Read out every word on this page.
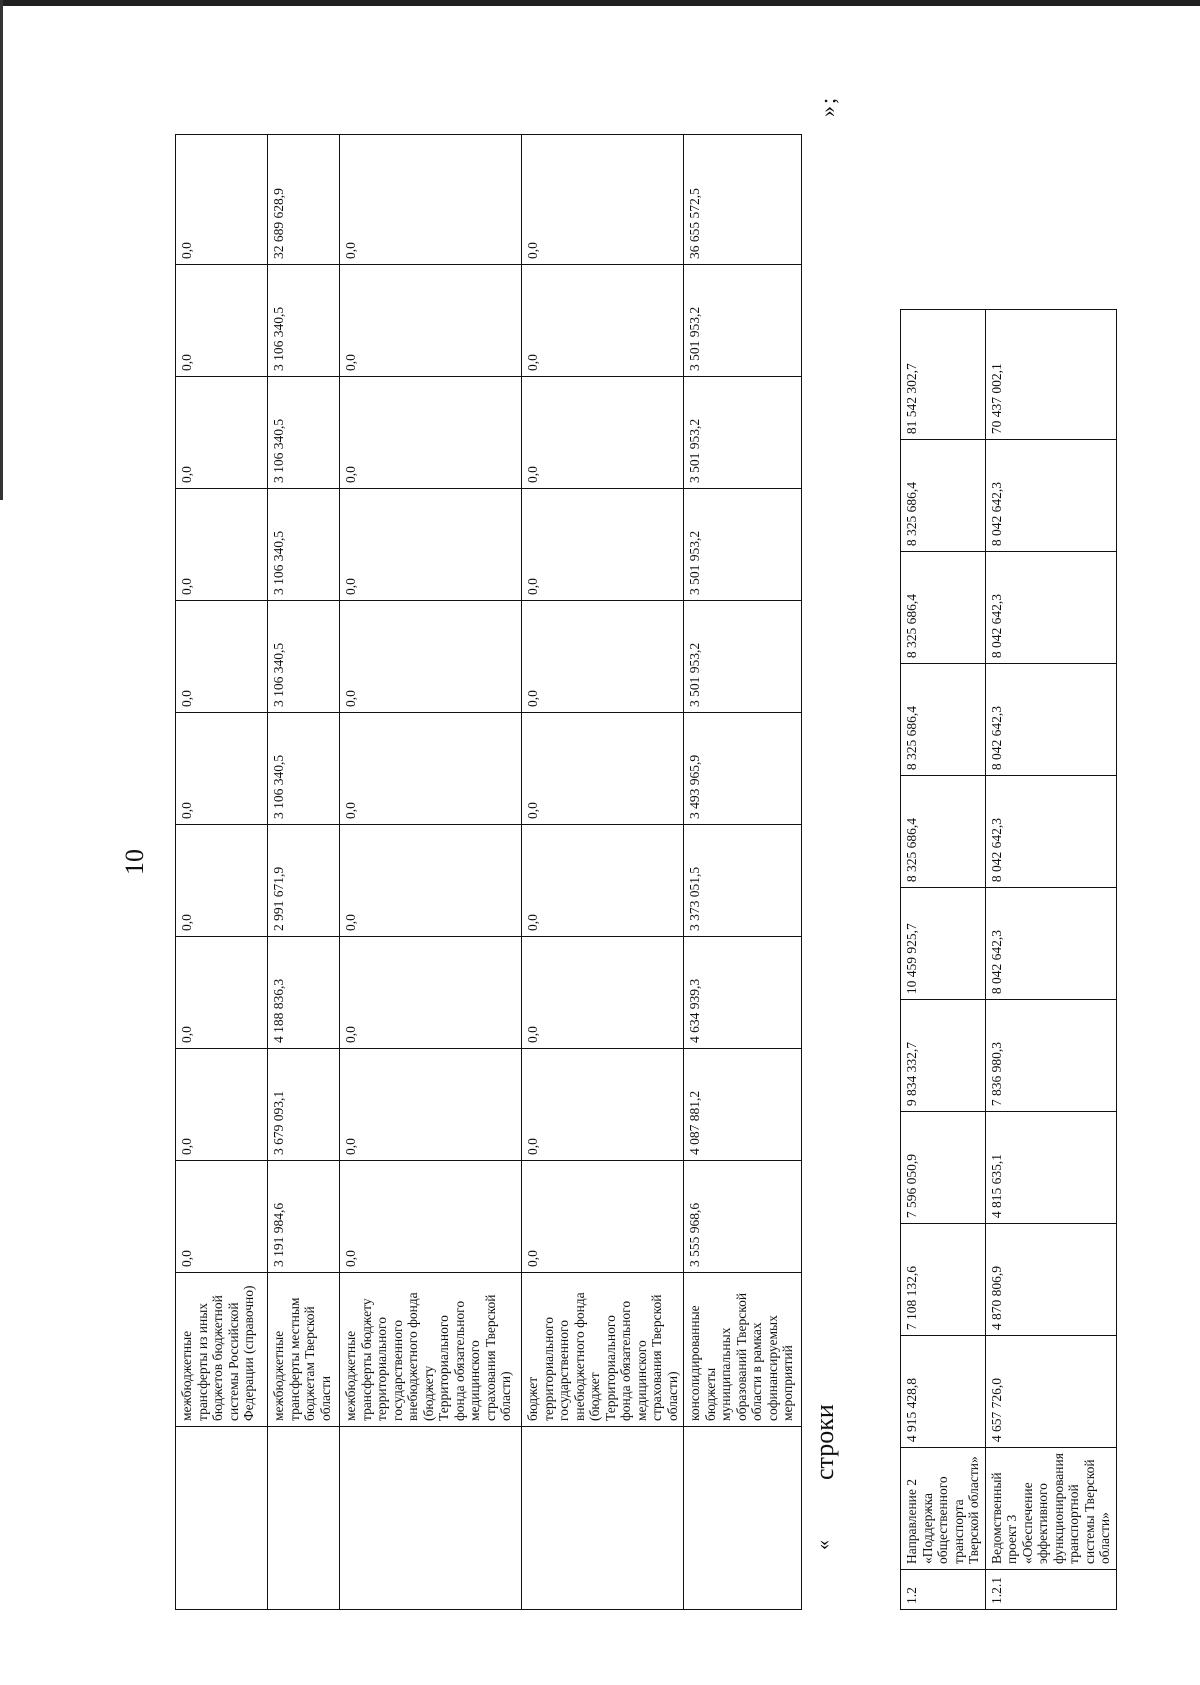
10
	межбюджетные трансферты из иных бюджетов бюджетной системы Российской Федерации (справочно)	0,0	0,0	0,0	0,0	0,0	0,0	0,0	0,0	0,0	0,0
	межбюджетные трансферты местным бюджетам Тверской области	3 191 984,6	3 679 093,1	4 188 836,3	2 991 671,9	3 106 340,5	3 106 340,5	3 106 340,5	3 106 340,5	3 106 340,5	32 689 628,9
	межбюджетные трансферты бюджету территориального государственного внебюджетного фонда (бюджету Территориального фонда обязательного медицинского страхования Тверской области)	0,0	0,0	0,0	0,0	0,0	0,0	0,0	0,0	0,0	0,0
	бюджет территориального государственного внебюджетного фонда (бюджет Территориального фонда обязательного медицинского страхования Тверской области)	0,0	0,0	0,0	0,0	0,0	0,0	0,0	0,0	0,0	0,0
	консолидированные бюджеты муниципальных образований Тверской области в рамках софинансируемых мероприятий	3 555 968,6	4 087 881,2	4 634 939,3	3 373 051,5	3 493 965,9	3 501 953,2	3 501 953,2	3 501 953,2	3 501 953,2	36 655 572,5
»;
«
строки
1.2	Направление 2 «Поддержка общественного транспорта Тверской области»	4 915 428,8	7 108 132,6	7 596 050,9	9 834 332,7	10 459 925,7	8 325 686,4	8 325 686,4	8 325 686,4	8 325 686,4	81 542 302,7
1.2.1	Ведомственный проект 3 «Обеспечение эффективного функционирования транспортной системы Тверской области»	4 657 726,0	4 870 806,9	4 815 635,1	7 836 980,3	8 042 642,3	8 042 642,3	8 042 642,3	8 042 642,3	8 042 642,3	70 437 002,1
